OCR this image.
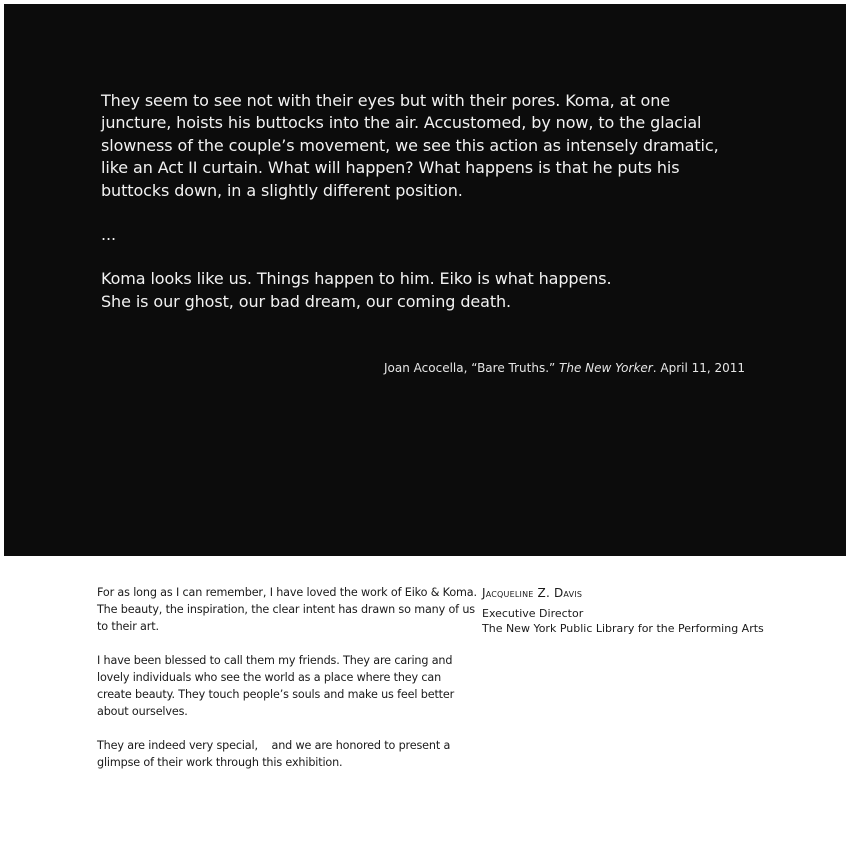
They seem to see not with their eyes but with their pores. Koma, at one juncture, hoists his buttocks into the air. Accustomed, by now, to the glacial slowness of the couple’s movement, we see this action as intensely dramatic, like an Act II curtain. What will happen? What happens is that he puts his buttocks down, in a slightly different position.

...

Koma looks like us. Things happen to him. Eiko is what happens.

She is our ghost, our bad dream, our coming death.

Joan Acocella, “Bare Truths.” The New Yorker. April 11, 2011

For as long as I can remember, I have loved the work of Eiko & Koma. The beauty, the inspiration, the clear intent has drawn so many of us to their art.

I have been blessed to call them my friends. They are caring and lovely individuals who see the world as a place where they can create beauty. They touch people’s souls and make us feel better about ourselves.

They are indeed very special,    and we are honored to present a glimpse of their work through this exhibition.

Jacqueline Z. Davis
Executive Director
The New York Public Library for the Performing Arts
